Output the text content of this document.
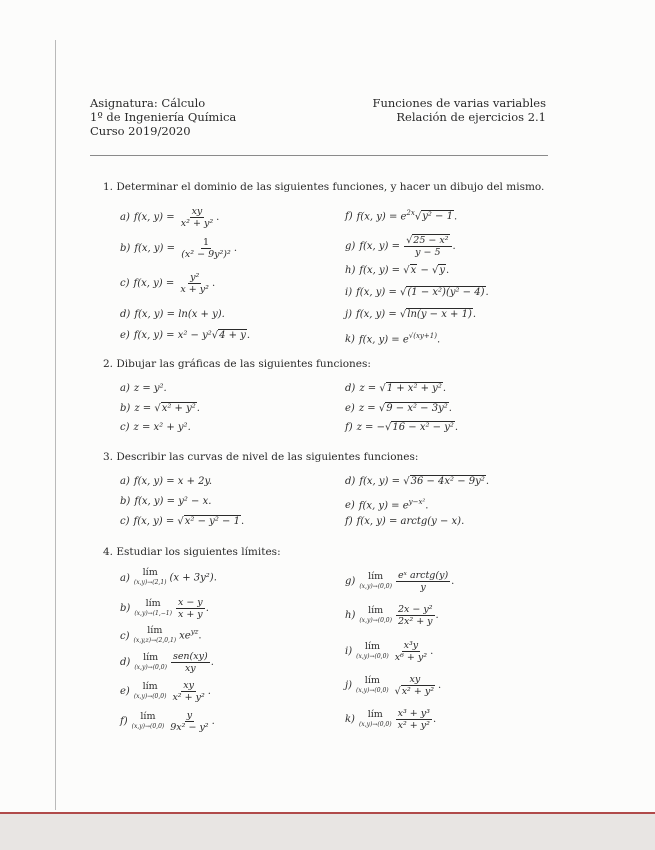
Asignatura: Cálculo
1º de Ingeniería Química
Curso 2019/2020
Funciones de varias variables
Relación de ejercicios 2.1
1. Determinar el dominio de las siguientes funciones, y hacer un dibujo del mismo.
a) f(x, $y) = \frac{xy}{\text{x² + y²}}$ .
b) f(x, $y) = \frac{1}{\text{(x² − 9y²)²}}$ .
c) f(x, $y) = \frac{\text{y²}}{\text{x + y²}}$ .
d) f(x, y) = ln(x + y).
e) f(x, y) = x² − y²√4 + y.
f) f(x, $y) = e^{2x}√y^2 - 1$.
g) f(x, $y) = \frac{\text{√25 − x²}}{y - 5}$ .
h) f(x, y) = √x − √y.
i) f(x, y) = √(1 − x²)(y² − 4).
j) f(x, y) = √ln(y − x + 1).
k) f(x, $y) = e^{√(xy+1)}$.
2. Dibujar las gráficas de las siguientes funciones:
a) z = y².
b) z = √x² + y².
c) z = x² + y².
d) z = √1 + x² + y².
e) z = √9 − x² − 3y².
f) z = −√16 − x² − y².
3. Describir las curvas de nivel de las siguientes funciones:
a) f(x, y) = x + 2y.
b) f(x, y) = y² − x.
c) f(x, y) = √x² − y² − 1.
d) f(x, y) = √36 − 4x² − 9y².
e) f(x, $y) = e^{y-x^2}$.
f) f(x, y) = arctg(y − x).
4. Estudiar los siguientes límites:
a) lím
(x,y)→(2,1) (x + 3y²).
b) lím
$(x,y)\to(1,-1) \frac{x - y}{x + y}$ .
c) lím
(x,y,z)→(2,0,1) $xe^{yz}$.
d) lím
$(x,y)\to(0,0) \frac{\text{sen(xy)}}{xy}$ .
e) lím
$(x,y)\to(0,0) \frac{xy}{\text{x² + y²}}$ .
f) lím
$(x,y)\to(0,0) \frac{y}{\text{9x² − y²}}$ .
g) lím
$(x,y)\to(0,0) \frac{\text{eˣ arctg(y)}}{y}$ .
h) lím
$(x,y)\to(0,0) \frac{\text{2x − y²}}{\text{2x² + y}}$ .
i) lím
$(x,y)\to(0,0) \frac{\text{x³y}}{\text{x⁶ + y²}}$ .
j) lím
$(x,y)\to(0,0) \frac{xy}{\text{√x² + y²}}$ .
k) lím
$(x,y)\to(0,0) \frac{\text{x³ + y³}}{\text{x² + y²}}$ .
